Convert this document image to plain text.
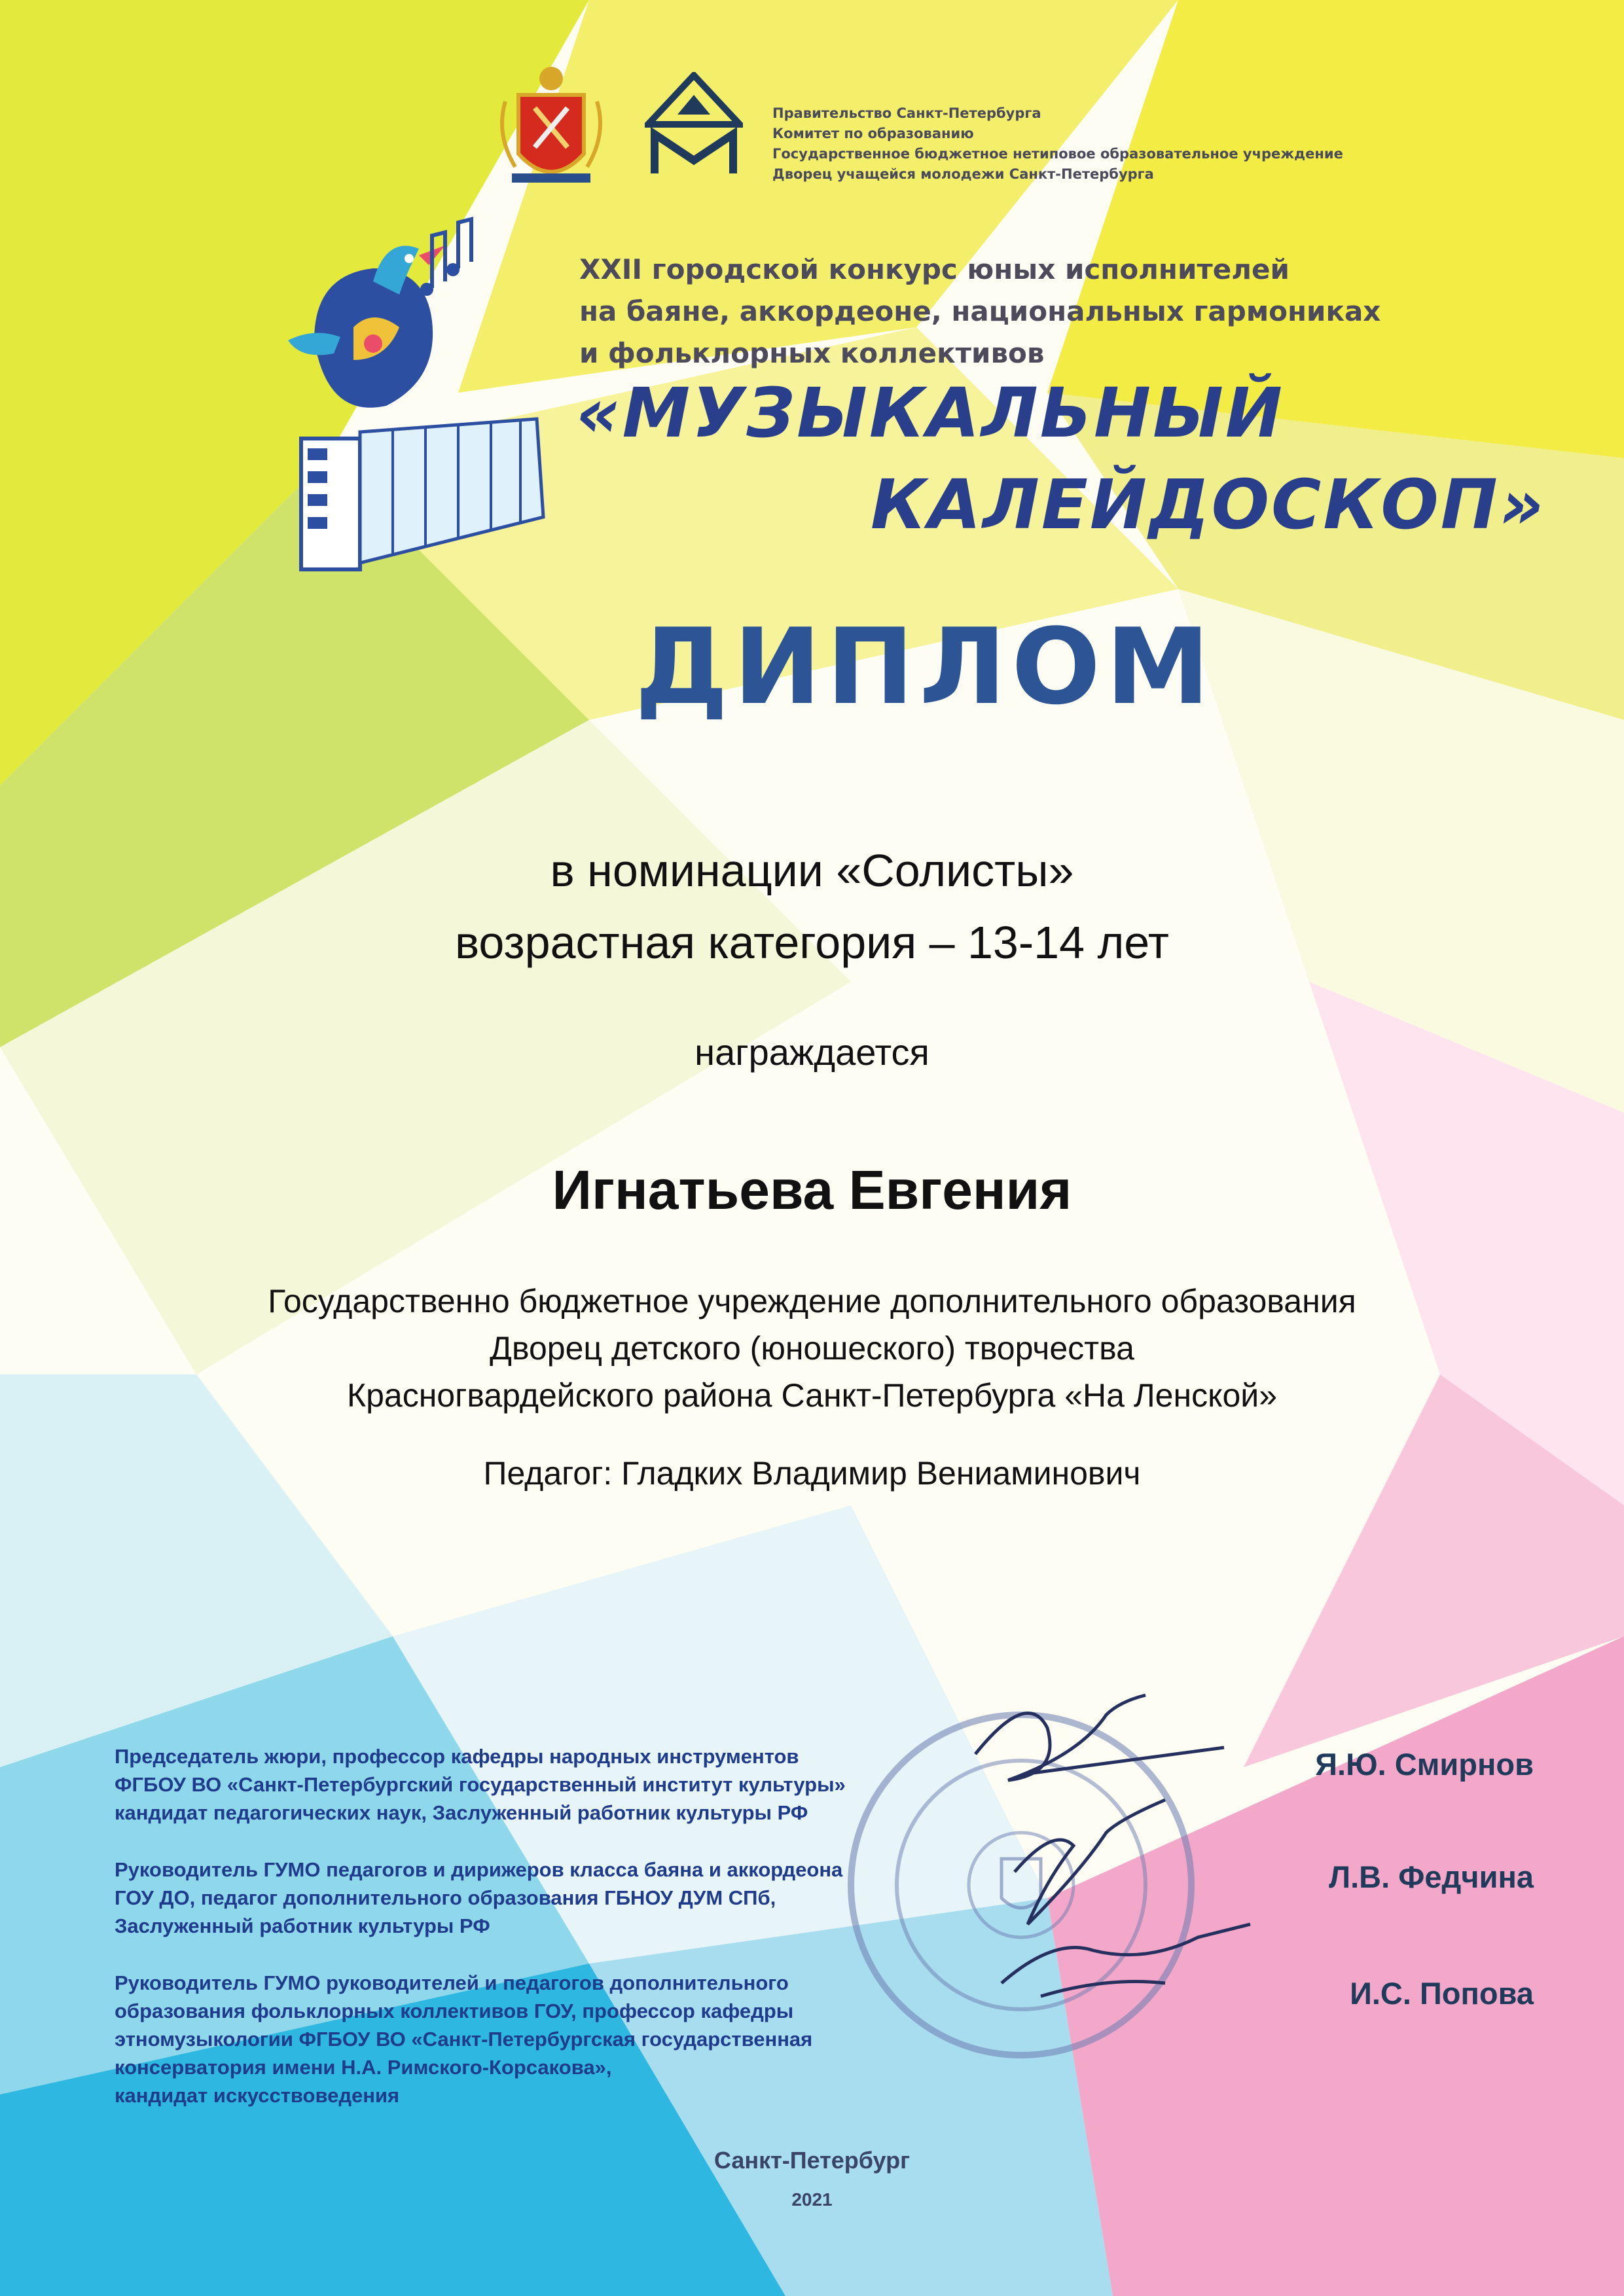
Правительство Санкт-Петербурга
Комитет по образованию
Государственное бюджетное нетиповое образовательное учреждение
Дворец учащейся молодежи Санкт-Петербурга
XXII городской конкурс юных исполнителей
на баяне, аккордеоне, национальных гармониках
и фольклорных коллективов
«МУЗЫКАЛЬНЫЙ
КАЛЕЙДОСКОП»
ДИПЛОМ
в номинации «Солисты»
возрастная категория – 13-14 лет
награждается
Игнатьева Евгения
Государственно бюджетное учреждение дополнительного образования
Дворец детского (юношеского) творчества
Красногвардейского района Санкт-Петербурга «На Ленской»
Педагог: Гладких Владимир Вениаминович
Председатель жюри, профессор кафедры народных инструментов
ФГБОУ ВО «Санкт-Петербургский государственный институт культуры»
кандидат педагогических наук, Заслуженный работник культуры РФ
Я.Ю. Смирнов
Руководитель ГУМО педагогов и дирижеров класса баяна и аккордеона
ГОУ ДО, педагог дополнительного образования ГБНОУ ДУМ СПб,
Заслуженный работник культуры РФ
Л.В. Федчина
Руководитель ГУМО руководителей и педагогов дополнительного
образования фольклорных коллективов ГОУ, профессор кафедры
этномузыкологии ФГБОУ ВО «Санкт-Петербургская государственная
консерватория имени Н.А. Римского-Корсакова»,
кандидат искусствоведения
И.С. Попова
Санкт-Петербург
2021
